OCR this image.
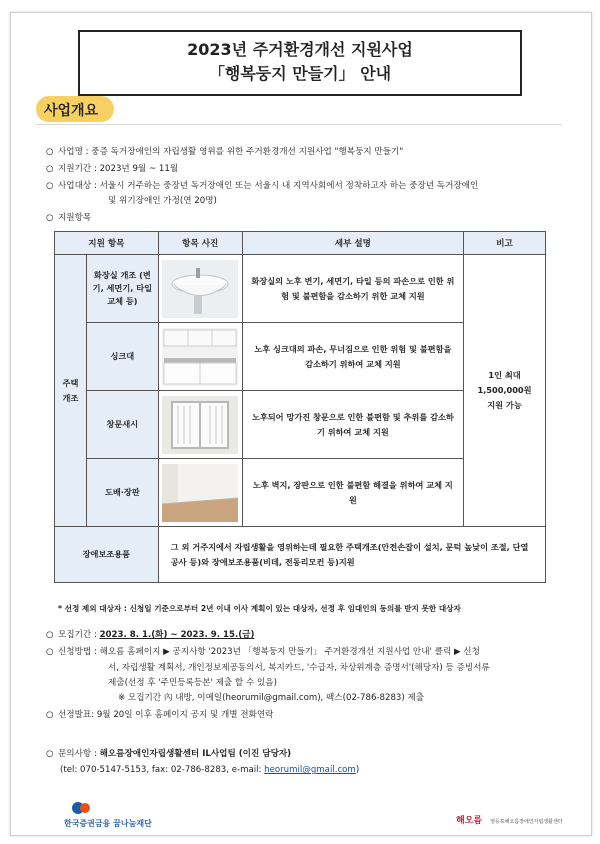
2023년 주거환경개선 지원사업
「행복둥지 만들기」 안내
사업개요
○ 사업명 : 중증 독거장애인의 자립생활 영위를 위한 주거환경개선 지원사업 "행복둥지 만들기"
○ 지원기간 : 2023년 9월 ~ 11월
○ 사업대상 : 서울시 거주하는 중장년 독거장애인 또는 서울시 내 지역사회에서 정착하고자 하는 중장년 독거장애인
및 위기장애인 가정(연 20명)
○ 지원항목
지원 항목		항목 사진	세부 설명	비고

주택개조	화장실 개조 (변기, 세면기, 타일 교체 등)		화장실의 노후 변기, 세면기, 타일 등의 파손으로 인한 위험 및 불편함을 감소하기 위한 교체 지원	1인 최대 1,500,000원 지원 가능

	싱크대		노후 싱크대의 파손, 무너짐으로 인한 위험 및 불편함을 감소하기 위하여 교체 지원	

	창문새시		노후되어 망가진 창문으로 인한 불편함 및 추위를 감소하기 위하여 교체 지원	

	도배·장판		노후 벽지, 장판으로 인한 불편함 해결을 위하여 교체 지원	

장애보조용품		그 외 거주지에서 자립생활을 영위하는데 필요한 주택개조(안전손잡이 설치, 문턱 높낮이 조절, 단열공사 등)와 장애보조용품(비데, 전동리모컨 등)지원		
* 선정 제외 대상자 : 신청일 기준으로부터 2년 이내 이사 계획이 있는 대상자, 선정 후 임대인의 동의를 받지 못한 대상자
○ 모집기간 : 2023. 8. 1.(화) ~ 2023. 9. 15.(금)
○ 신청방법 : 해오름 홈페이지 ▶ 공지사항 '2023년 「행복둥지 만들기」 주거환경개선 지원사업 안내' 클릭 ▶ 신청
서, 자립생활 계획서, 개인정보제공동의서, 복지카드, '수급자, 차상위계층 증명서'(해당자) 등 증빙서류
제출(선정 후 '주민등록등본' 제출 할 수 있음)
※ 모집기간 內 내방, 이메일(heorumil@gmail.com), 팩스(02-786-8283) 제출
○ 선정발표: 9월 20일 이후 홈페이지 공지 및 개별 전화연락
○ 문의사항 : 해오름장애인자립생활센터 IL사업팀 (이진 담당자)
(tel: 070-5147-5153, fax: 02-786-8283, e-mail: heorumil@gmail.com)
한국증권금융 꿈나눔재단	해오름 영등포해오름장애인자립생활센터
